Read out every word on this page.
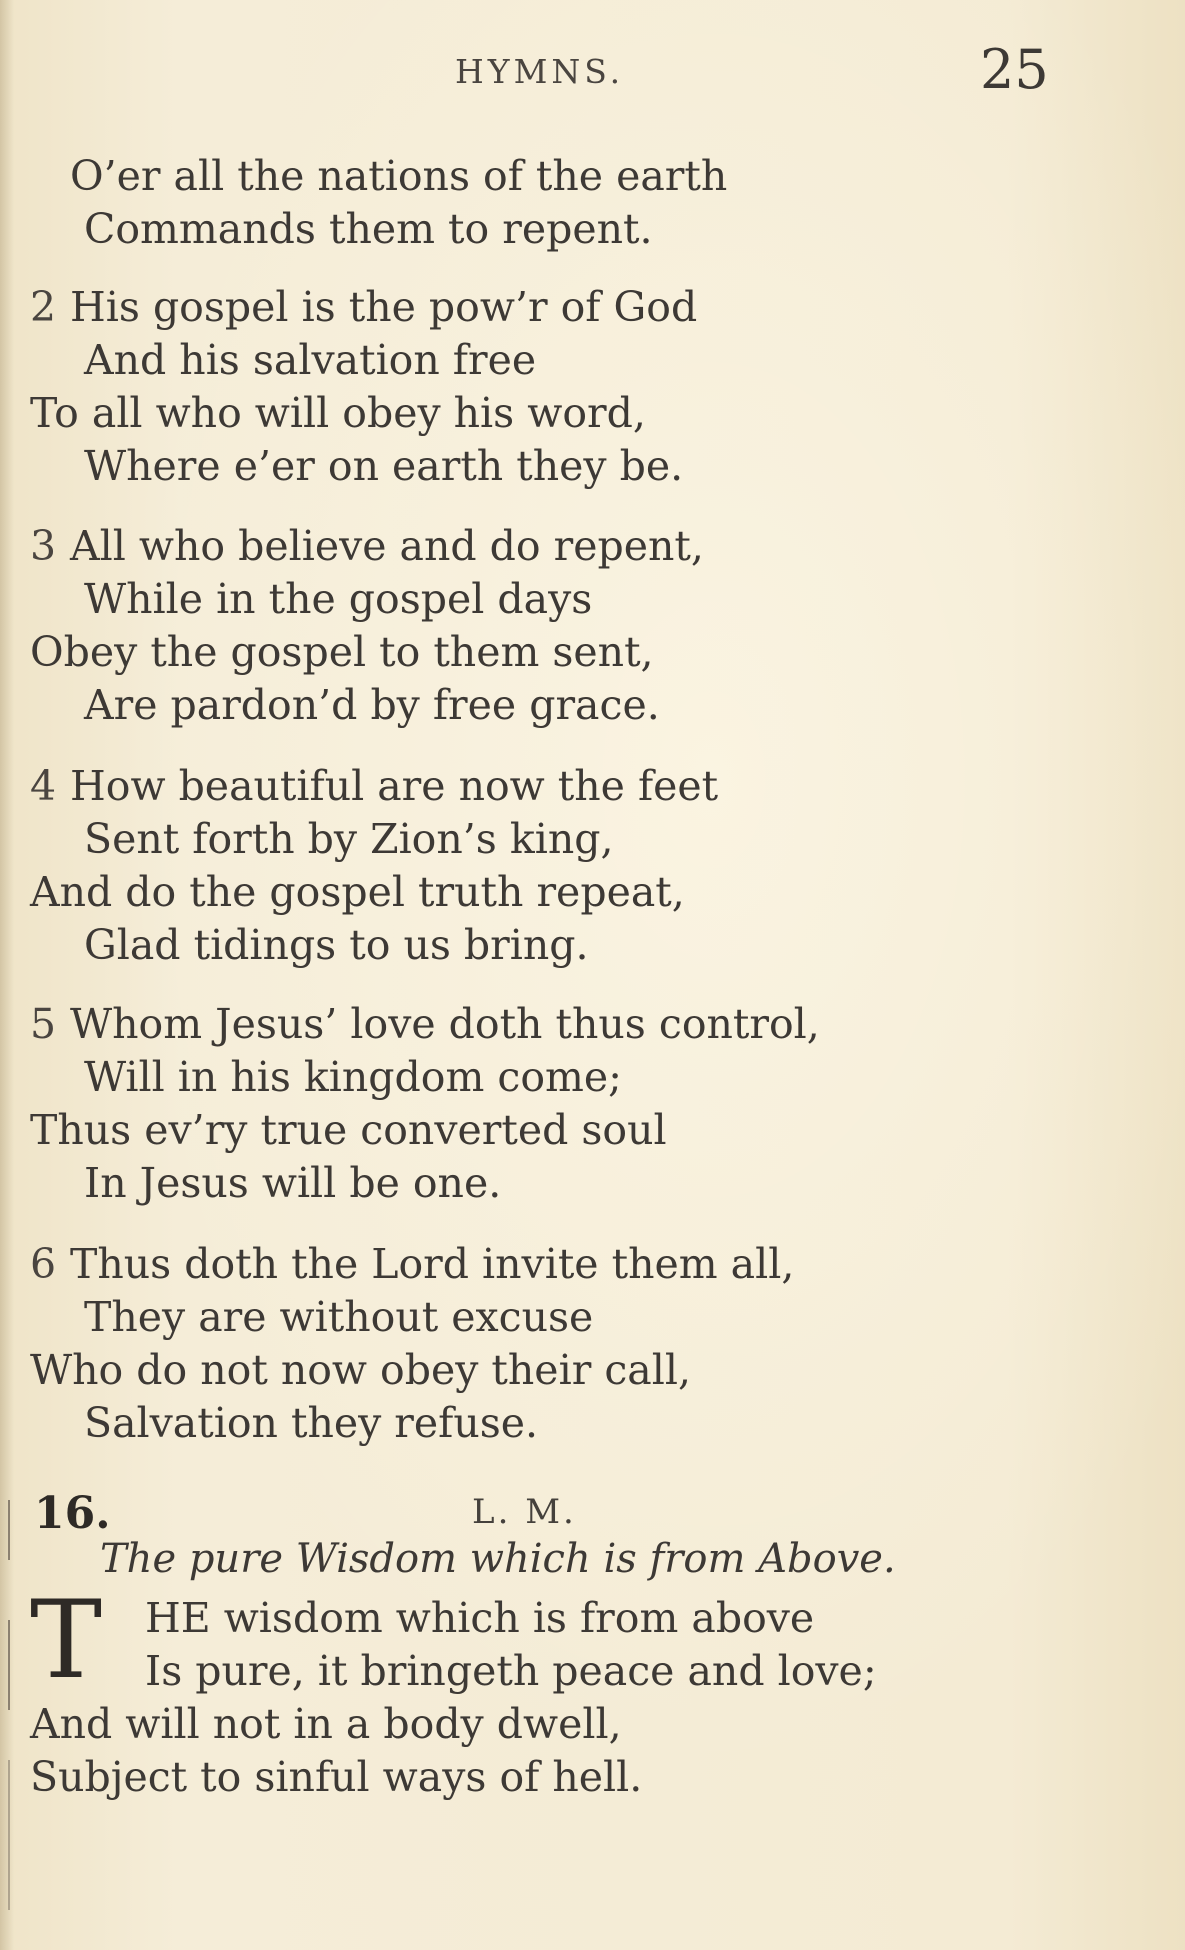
HYMNS.	25
O’er all the nations of the earth
Commands them to repent.
2 His gospel is the pow’r of God
And his salvation free
To all who will obey his word,
Where e’er on earth they be.
3 All who believe and do repent,
While in the gospel days
Obey the gospel to them sent,
Are pardon’d by free grace.
4 How beautiful are now the feet
Sent forth by Zion’s king,
And do the gospel truth repeat,
Glad tidings to us bring.
5 Whom Jesus’ love doth thus control,
Will in his kingdom come;
Thus ev’ry true converted soul
In Jesus will be one.
6 Thus doth the Lord invite them all,
They are without excuse
Who do not now obey their call,
Salvation they refuse.
16.	L. M.
The pure Wisdom which is from Above.
T	HE wisdom which is from above
Is pure, it bringeth peace and love;
And will not in a body dwell,
Subject to sinful ways of hell.
